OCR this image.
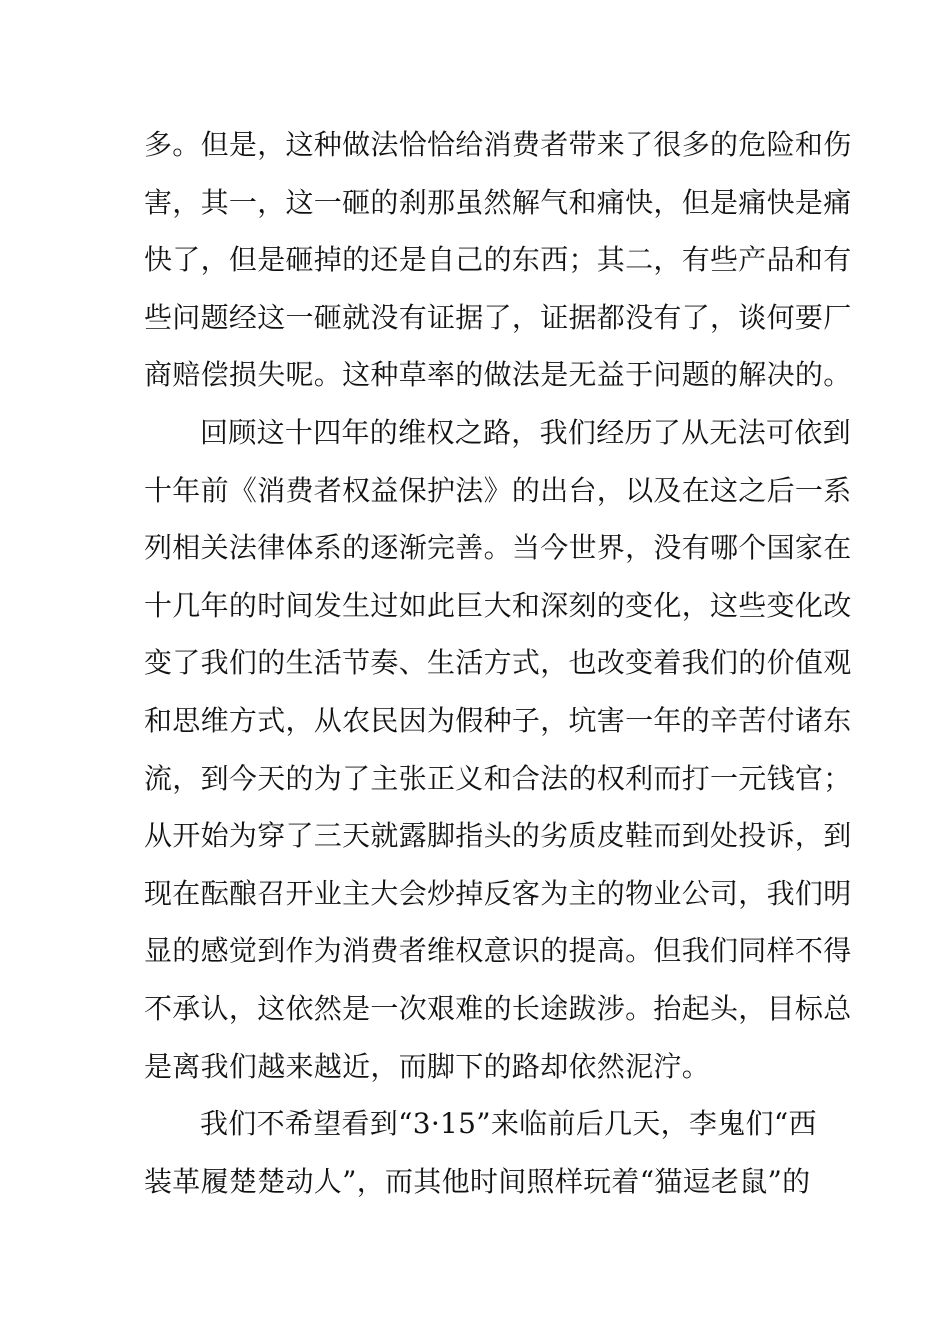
多。但是，这种做法恰恰给消费者带来了很多的危险和伤
害，其一，这一砸的刹那虽然解气和痛快，但是痛快是痛
快了，但是砸掉的还是自己的东西；其二，有些产品和有
些问题经这一砸就没有证据了，证据都没有了，谈何要厂
商赔偿损失呢。这种草率的做法是无益于问题的解决的。
回顾这十四年的维权之路，我们经历了从无法可依到
十年前《消费者权益保护法》的出台，以及在这之后一系
列相关法律体系的逐渐完善。当今世界，没有哪个国家在
十几年的时间发生过如此巨大和深刻的变化，这些变化改
变了我们的生活节奏、生活方式，也改变着我们的价值观
和思维方式，从农民因为假种子，坑害一年的辛苦付诸东
流，到今天的为了主张正义和合法的权利而打一元钱官；
从开始为穿了三天就露脚指头的劣质皮鞋而到处投诉，到
现在酝酿召开业主大会炒掉反客为主的物业公司，我们明
显的感觉到作为消费者维权意识的提高。但我们同样不得
不承认，这依然是一次艰难的长途跋涉。抬起头，目标总
是离我们越来越近，而脚下的路却依然泥泞。
我们不希望看到“3·15”来临前后几天，李鬼们“西
装革履楚楚动人”，而其他时间照样玩着“猫逗老鼠”的
